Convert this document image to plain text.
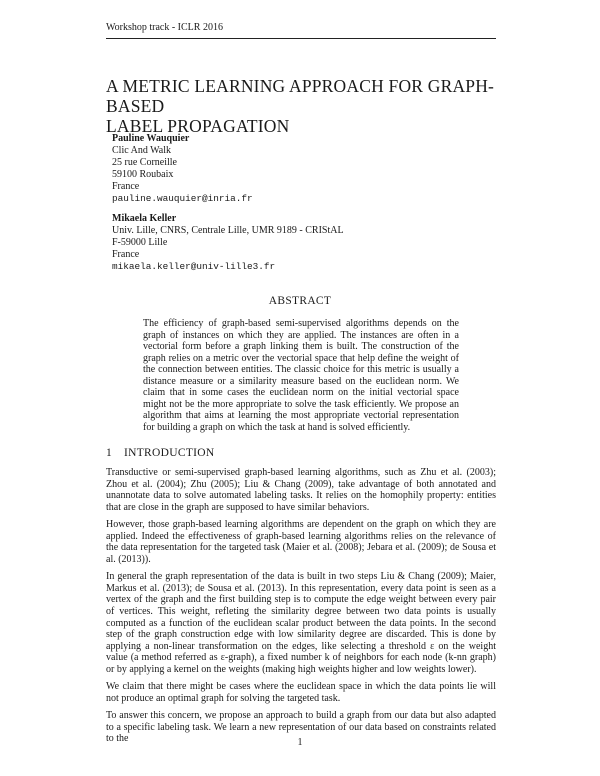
Workshop track - ICLR 2016
A METRIC LEARNING APPROACH FOR GRAPH-BASED
LABEL PROPAGATION
Pauline Wauquier
Clic And Walk
25 rue Corneille
59100 Roubaix
France
pauline.wauquier@inria.fr
Mikaela Keller
Univ. Lille, CNRS, Centrale Lille, UMR 9189 - CRIStAL
F-59000 Lille
France
mikaela.keller@univ-lille3.fr
ABSTRACT
The efficiency of graph-based semi-supervised algorithms depends on the graph of instances on which they are applied. The instances are often in a vectorial form before a graph linking them is built. The construction of the graph relies on a metric over the vectorial space that help define the weight of the connection between entities. The classic choice for this metric is usually a distance measure or a similarity measure based on the euclidean norm. We claim that in some cases the euclidean norm on the initial vectorial space might not be the more appropriate to solve the task efficiently. We propose an algorithm that aims at learning the most appropriate vectorial representation for building a graph on which the task at hand is solved efficiently.
1 INTRODUCTION

Transductive or semi-supervised graph-based learning algorithms, such as Zhu et al. (2003); Zhou et al. (2004); Zhu (2005); Liu & Chang (2009), take advantage of both annotated and unannotate data to solve automated labeling tasks. It relies on the homophily property: entities that are close in the graph are supposed to have similar behaviors.

However, those graph-based learning algorithms are dependent on the graph on which they are applied. Indeed the effectiveness of graph-based learning algorithms relies on the relevance of the data representation for the targeted task (Maier et al. (2008); Jebara et al. (2009); de Sousa et al. (2013)).

In general the graph representation of the data is built in two steps Liu & Chang (2009); Maier, Markus et al. (2013); de Sousa et al. (2013). In this representation, every data point is seen as a vertex of the graph and the first building step is to compute the edge weight between every pair of vertices. This weight, refleting the similarity degree between two data points is usually computed as a function of the euclidean scalar product between the data points. In the second step of the graph construction edge with low similarity degree are discarded. This is done by applying a non-linear transformation on the edges, like selecting a threshold ε on the weight value (a method referred as ε-graph), a fixed number k of neighbors for each node (k-nn graph) or by applying a kernel on the weights (making high weights higher and low weights lower).

We claim that there might be cases where the euclidean space in which the data points lie will not produce an optimal graph for solving the targeted task.

To answer this concern, we propose an approach to build a graph from our data but also adapted to a specific labeling task. We learn a new representation of our data based on constraints related to the	1
